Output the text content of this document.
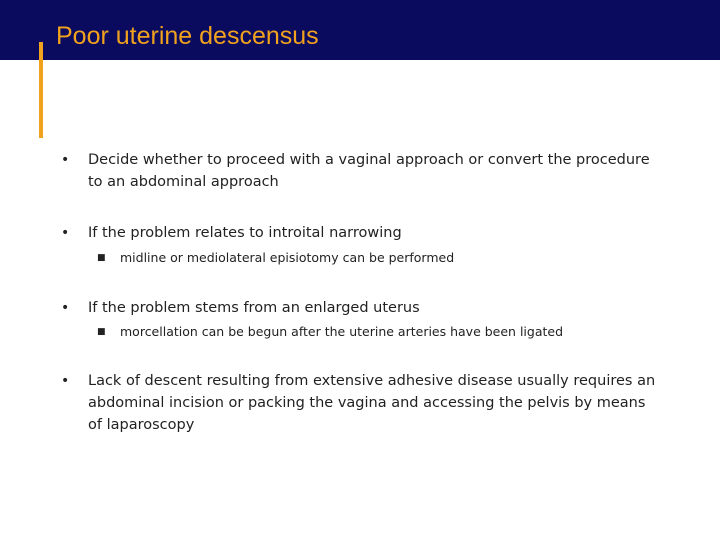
Poor uterine descensus
• Decide whether to proceed with a vaginal approach or convert the procedure to an abdominal approach
• If the problem relates to introital narrowing
■ midline or mediolateral episiotomy can be performed
• If the problem stems from an enlarged uterus
■ morcellation can be begun after the uterine arteries have been ligated
• Lack of descent resulting from extensive adhesive disease usually requires an abdominal incision or packing the vagina and accessing the pelvis by means of laparoscopy
